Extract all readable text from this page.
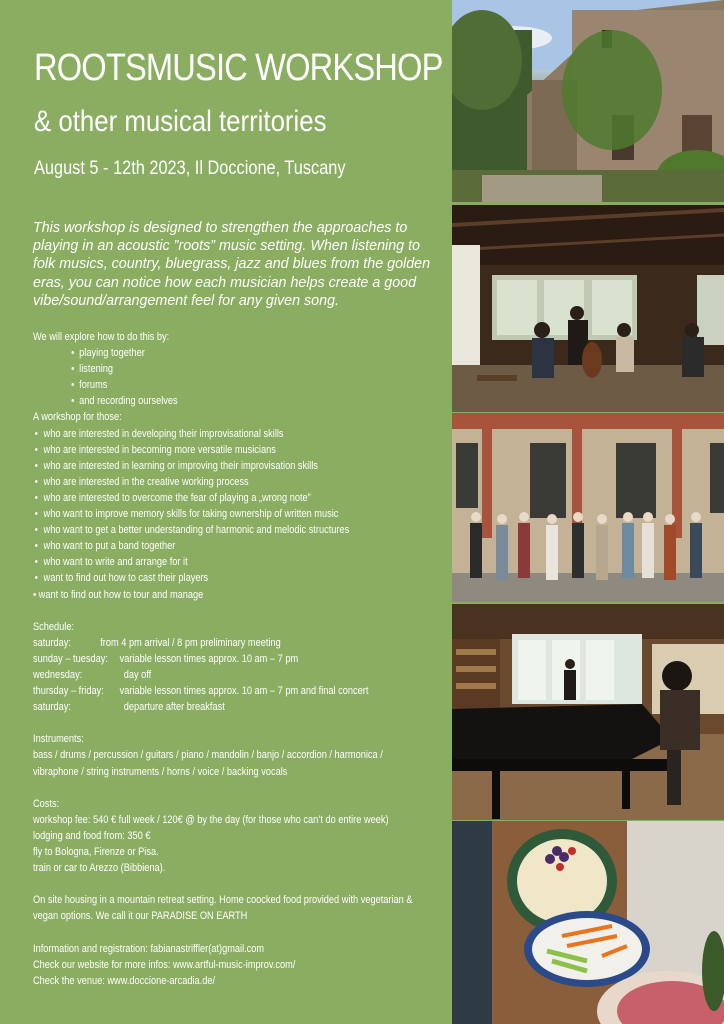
ROOTSMUSIC WORKSHOP
& other musical territories
August 5 - 12th 2023, Il Doccione, Tuscany
This workshop is designed to strengthen the approaches to playing in an acoustic ”roots” music setting. When listening to folk musics, country, bluegrass, jazz and blues from the golden eras, you can notice how each musician helps create a good vibe/sound/arrangement feel for any given song.
We will explore how to do this by:
• playing together
• listening
• forums
• and recording ourselves
A workshop for those:
• who are interested in developing their improvisational skills
• who are interested in becoming more versatile musicians
• who are interested in learning or improving their improvisation skills
• who are interested in the creative working process
• who are interested to overcome the fear of playing a „wrong note”
• who want to improve memory skills for taking ownership of written music
• who want to get a better understanding of harmonic and melodic structures
• who want to put a band together
• who want to write and arrange for it
• want to find out how to cast their players
• want to find out how to tour and manage
Schedule:
saturday:	from 4 pm arrival / 8 pm preliminary meeting
sunday – tuesday:	variable lesson times approx. 10 am – 7 pm
wednesday:	day off
thursday – friday:	variable lesson times approx. 10 am – 7 pm and final concert
saturday:	departure after breakfast
Instruments:
bass / drums / percussion / guitars / piano / mandolin / banjo / accordion / harmonica /
vibraphone / string instruments / horns / voice / backing vocals
Costs:
workshop fee: 540 € full week / 120€ @ by the day (for those who can’t do entire week)
lodging and food from: 350 €
fly to Bologna, Firenze or Pisa.
train or car to Arezzo (Bibbiena).
On site housing in a mountain retreat setting. Home coocked food provided with vegetarian &
vegan options. We call it our PARADISE ON EARTH
Information and registration: fabianastriffler(at)gmail.com
Check our website for more infos: www.artful-music-improv.com/
Check the venue: www.doccione-arcadia.de/
